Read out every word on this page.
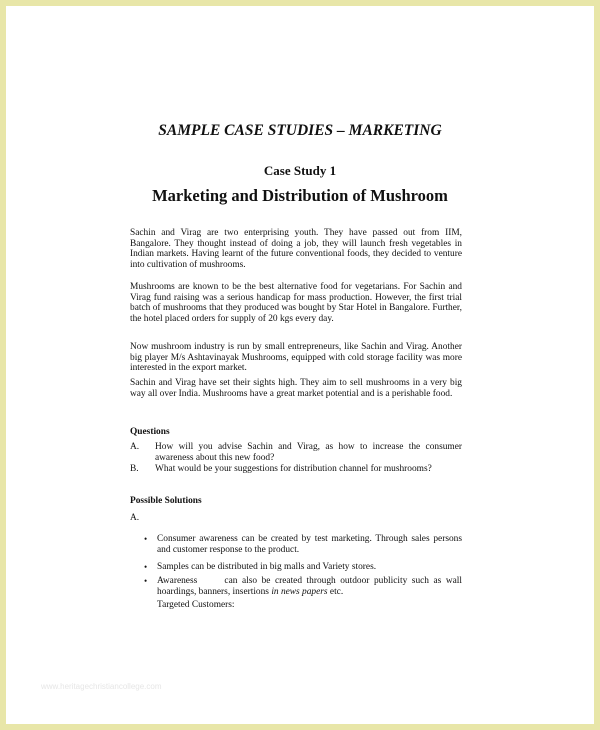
SAMPLE CASE STUDIES – MARKETING
Case Study 1
Marketing and Distribution of Mushroom

Sachin and Virag are two enterprising youth. They have passed out from IIM, Bangalore. They thought instead of doing a job, they will launch fresh vegetables in Indian markets. Having learnt of the future conventional foods, they decided to venture into cultivation of mushrooms.

Mushrooms are known to be the best alternative food for vegetarians. For Sachin and Virag fund raising was a serious handicap for mass production. However, the first trial batch of mushrooms that they produced was bought by Star Hotel in Bangalore. Further, the hotel placed orders for supply of 20 kgs every day.

Now mushroom industry is run by small entrepreneurs, like Sachin and Virag. Another big player M/s Ashtavinayak Mushrooms, equipped with cold storage facility was more interested in the export market.

Sachin and Virag have set their sights high. They aim to sell mushrooms in a very big way all over India. Mushrooms have a great market potential and is a perishable food.

Questions
A. How will you advise Sachin and Virag, as how to increase the consumer awareness about this new food?
B. What would be your suggestions for distribution channel for mushrooms?
Possible Solutions
A.
• Consumer awareness can be created by test marketing. Through sales persons and customer response to the product.
• Samples can be distributed in big malls and Variety stores.
• Awareness      can also be created through outdoor publicity such as wall hoardings, banners, insertions in news papers etc.
Targeted Customers:
www.heritagechristiancollege.com
